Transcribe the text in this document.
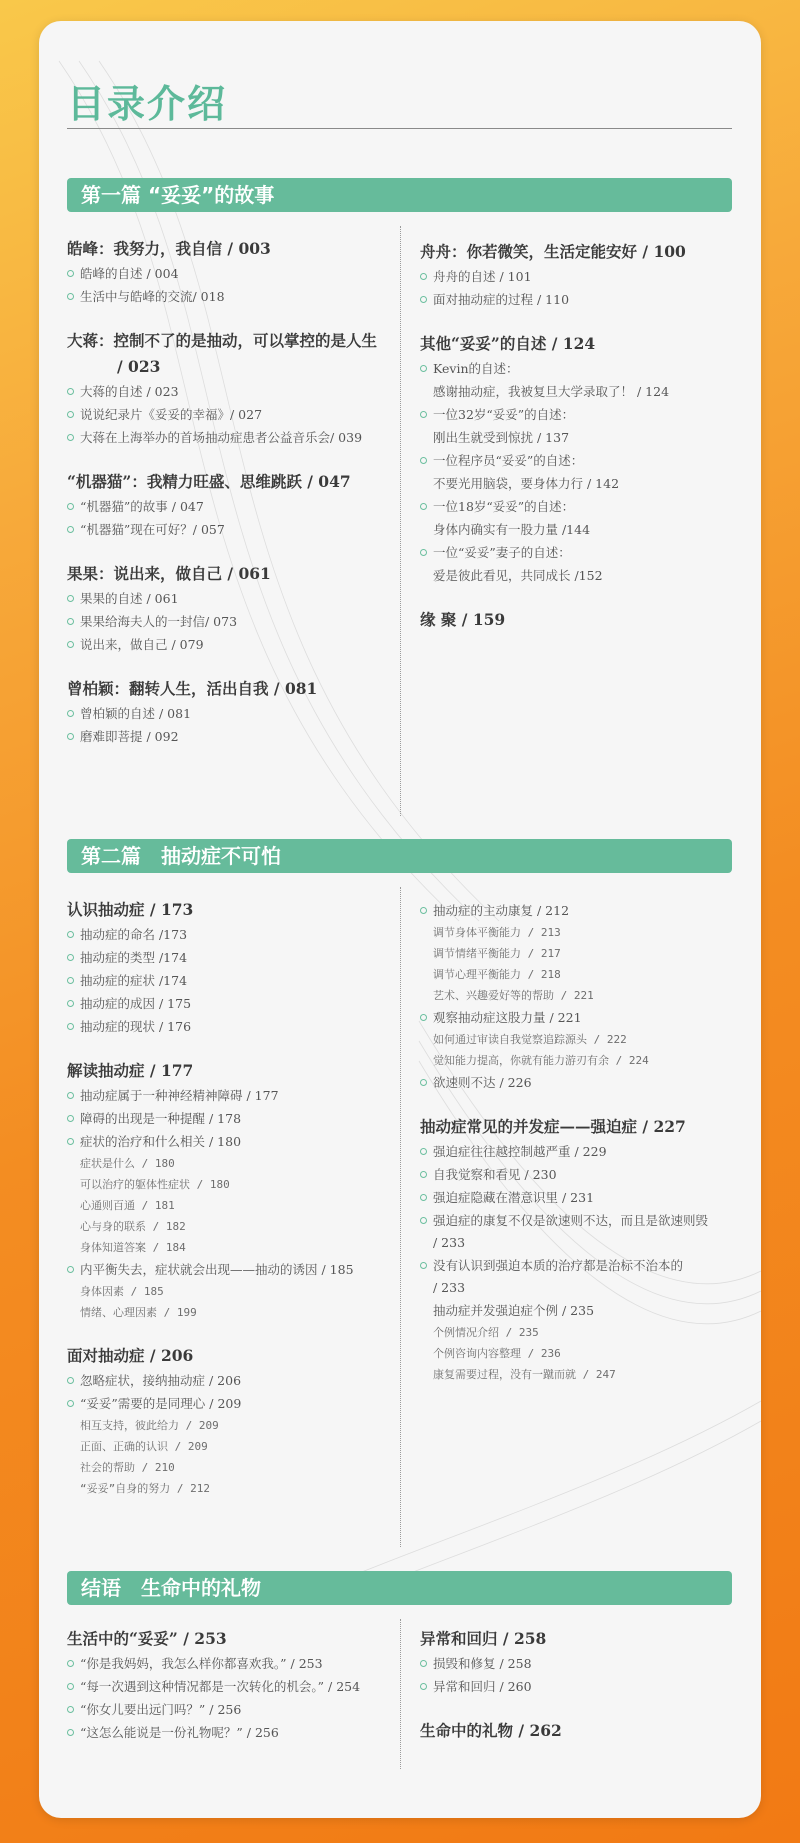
目录介绍
第一篇 “妥妥”的故事
皓峰：我努力，我自信 / 003
皓峰的自述 / 004
生活中与皓峰的交流/ 018
大蒋：控制不了的是抽动，可以掌控的是人生 / 023
大蒋的自述 / 023
说说纪录片《妥妥的幸福》/ 027
大蒋在上海举办的首场抽动症患者公益音乐会/ 039
“机器猫”：我精力旺盛、思维跳跃 / 047
“机器猫”的故事 / 047
“机器猫”现在可好？/ 057
果果：说出来，做自己 / 061
果果的自述 / 061
果果给海夫人的一封信/ 073
说出来，做自己 / 079
曾柏颖：翻转人生，活出自我 / 081
曾柏颖的自述 / 081
磨难即菩提 / 092
舟舟：你若微笑，生活定能安好 / 100
舟舟的自述 / 101
面对抽动症的过程 / 110
其他“妥妥”的自述 / 124
Kevin的自述：
感谢抽动症，我被复旦大学录取了！ / 124
一位32岁“妥妥”的自述：
刚出生就受到惊扰 / 137
一位程序员“妥妥”的自述：
不要光用脑袋，要身体力行 / 142
一位18岁“妥妥”的自述：
身体内确实有一股力量 /144
一位“妥妥”妻子的自述：
爱是彼此看见，共同成长 /152
缘 聚 / 159
第二篇　抽动症不可怕
认识抽动症 / 173
抽动症的命名 /173
抽动症的类型 /174
抽动症的症状 /174
抽动症的成因 / 175
抽动症的现状 / 176
解读抽动症 / 177
抽动症属于一种神经精神障碍 / 177
障碍的出现是一种提醒 / 178
症状的治疗和什么相关 / 180
症状是什么 / 180
可以治疗的躯体性症状 / 180
心通则百通 / 181
心与身的联系 / 182
身体知道答案 / 184
内平衡失去，症状就会出现——抽动的诱因 / 185
身体因素 / 185
情绪、心理因素 / 199
面对抽动症 / 206
忽略症状，接纳抽动症 / 206
“妥妥”需要的是同理心 / 209
相互支持，彼此给力 / 209
正面、正确的认识 / 209
社会的帮助 / 210
“妥妥”自身的努力 / 212
抽动症的主动康复 / 212
调节身体平衡能力 / 213
调节情绪平衡能力 / 217
调节心理平衡能力 / 218
艺术、兴趣爱好等的帮助 / 221
观察抽动症这股力量 / 221
如何通过审读自我觉察追踪源头 / 222
觉知能力提高，你就有能力游刃有余 / 224
欲速则不达 / 226
抽动症常见的并发症——强迫症 / 227
强迫症往往越控制越严重 / 229
自我觉察和看见 / 230
强迫症隐藏在潜意识里 / 231
强迫症的康复不仅是欲速则不达，而且是欲速则毁
/ 233
没有认识到强迫本质的治疗都是治标不治本的
/ 233
抽动症并发强迫症个例 / 235
个例情况介绍 / 235
个例咨询内容整理 / 236
康复需要过程，没有一蹴而就 / 247
结语　生命中的礼物
生活中的“妥妥” / 253
“你是我妈妈，我怎么样你都喜欢我。” / 253
“每一次遇到这种情况都是一次转化的机会。” / 254
“你女儿要出远门吗？” / 256
“这怎么能说是一份礼物呢？” / 256
异常和回归 / 258
损毁和修复 / 258
异常和回归 / 260
生命中的礼物 / 262
